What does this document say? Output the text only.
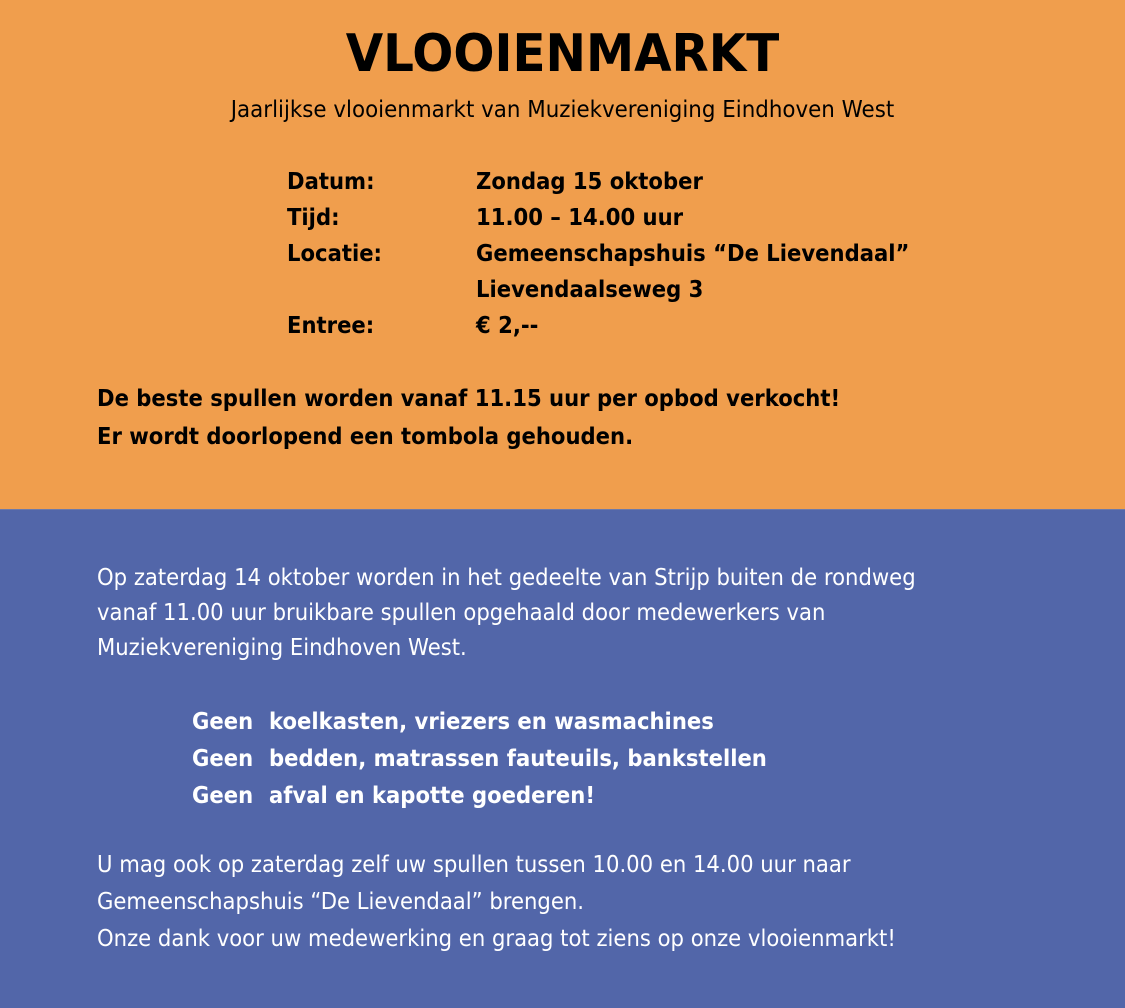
VLOOIENMARKT
Jaarlijkse vlooienmarkt van Muziekvereniging Eindhoven West
Datum:	Zondag 15 oktober
Tijd:	11.00 – 14.00 uur
Locatie:	Gemeenschapshuis “De Lievendaal”
Lievendaalseweg 3
Entree:	€ 2,--
De beste spullen worden vanaf 11.15 uur per opbod verkocht!
Er wordt doorlopend een tombola gehouden.
Op zaterdag 14 oktober worden in het gedeelte van Strijp buiten de rondweg
vanaf 11.00 uur bruikbare spullen opgehaald door medewerkers van
Muziekvereniging Eindhoven West.
Geen koelkasten, vriezers en wasmachines
Geen bedden, matrassen fauteuils, bankstellen
Geen afval en kapotte goederen!
U mag ook op zaterdag zelf uw spullen tussen 10.00 en 14.00 uur naar
Gemeenschapshuis “De Lievendaal” brengen.
Onze dank voor uw medewerking en graag tot ziens op onze vlooienmarkt!
